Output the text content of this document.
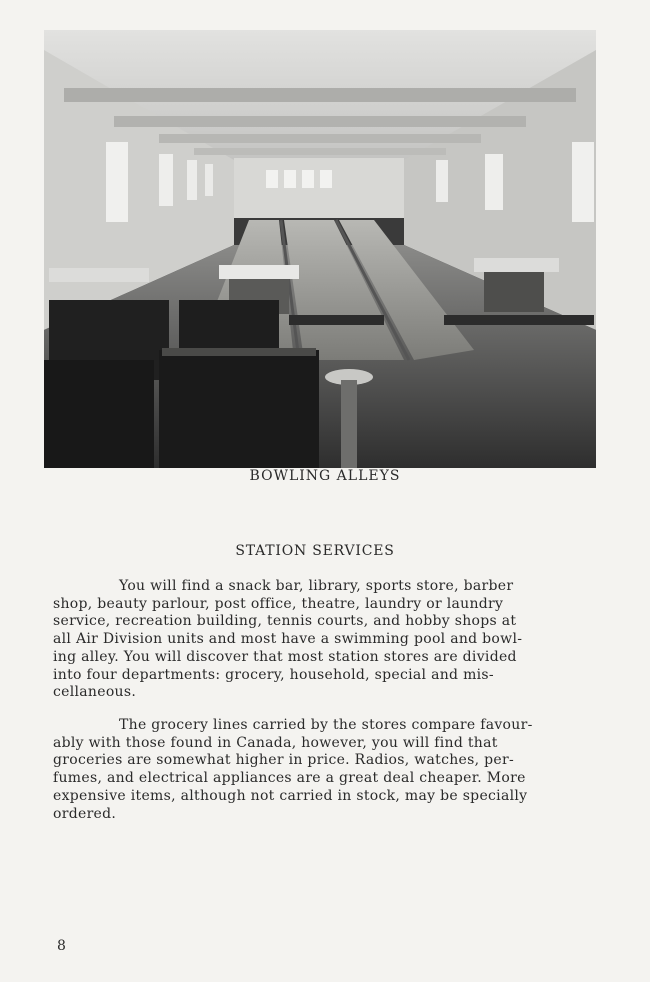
BOWLING ALLEYS
STATION SERVICES
You will find a snack bar, library, sports store, barber
shop, beauty parlour, post office, theatre, laundry or laundry
service, recreation building, tennis courts, and hobby shops at
all Air Division units and most have a swimming pool and bowl-
ing alley. You will discover that most station stores are divided
into four departments: grocery, household, special and mis-
cellaneous.
The grocery lines carried by the stores compare favour-
ably with those found in Canada, however, you will find that
groceries are somewhat higher in price. Radios, watches, per-
fumes, and electrical appliances are a great deal cheaper. More
expensive items, although not carried in stock, may be specially
ordered.
8
